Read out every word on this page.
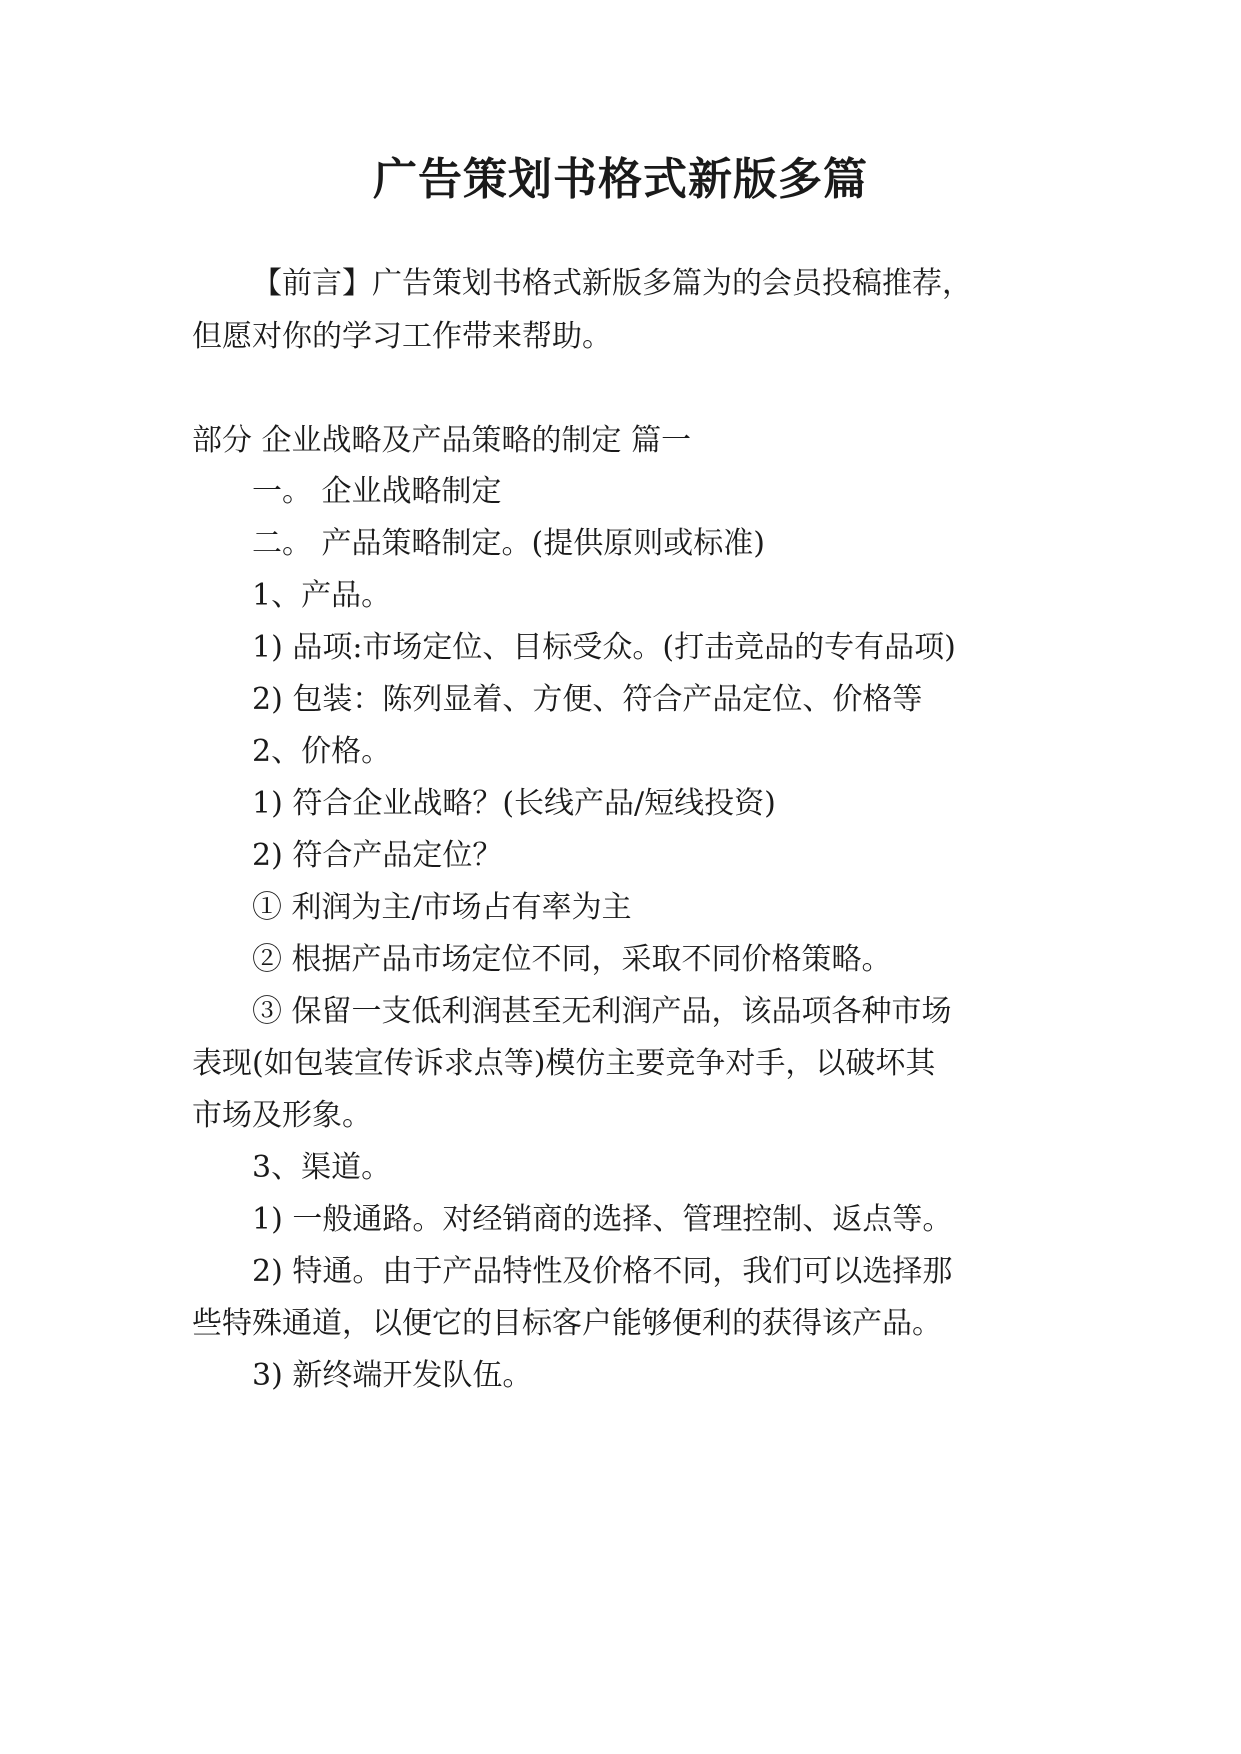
广告策划书格式新版多篇
【前言】广告策划书格式新版多篇为的会员投稿推荐，
但愿对你的学习工作带来帮助。
部分 企业战略及产品策略的制定 篇一
一。 企业战略制定
二。 产品策略制定。(提供原则或标准)
1、产品。
1) 品项:市场定位、目标受众。(打击竞品的专有品项)
2) 包装：陈列显着、方便、符合产品定位、价格等
2、价格。
1) 符合企业战略？(长线产品/短线投资)
2) 符合产品定位？
① 利润为主/市场占有率为主
② 根据产品市场定位不同，采取不同价格策略。
③ 保留一支低利润甚至无利润产品，该品项各种市场
表现(如包装宣传诉求点等)模仿主要竞争对手，以破坏其
市场及形象。
3、渠道。
1) 一般通路。对经销商的选择、管理控制、返点等。
2) 特通。由于产品特性及价格不同，我们可以选择那
些特殊通道，以便它的目标客户能够便利的获得该产品。
3) 新终端开发队伍。
